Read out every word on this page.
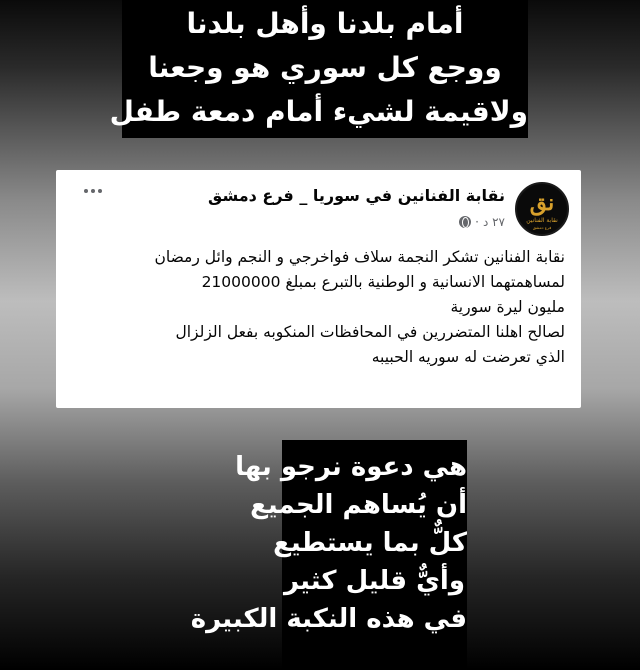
أمام بلدنا وأهل بلدنا
ووجع كل سوري هو وجعنا
ولاقيمة لشيء أمام دمعة طفل
نق
نقابة الفنانين
فرع دمشق
نقابة الفنانين في سوريا _ فرع دمشق
٢٧ د
·
نقابة الفنانين تشكر النجمة سلاف فواخرجي و النجم وائل رمضان
لمساهمتهما الانسانية و الوطنية بالتبرع بمبلغ 21000000
مليون ليرة سورية
لصالح اهلنا المتضررين في المحافظات المنكوبه بفعل الزلزال
الذي تعرضت له سوريه الحبيبه
هي دعوة نرجو بها
أن يُساهم الجميع
كلٌّ بما يستطيع
وأيٌّ قليل كثير
في هذه النكبة الكبيرة
